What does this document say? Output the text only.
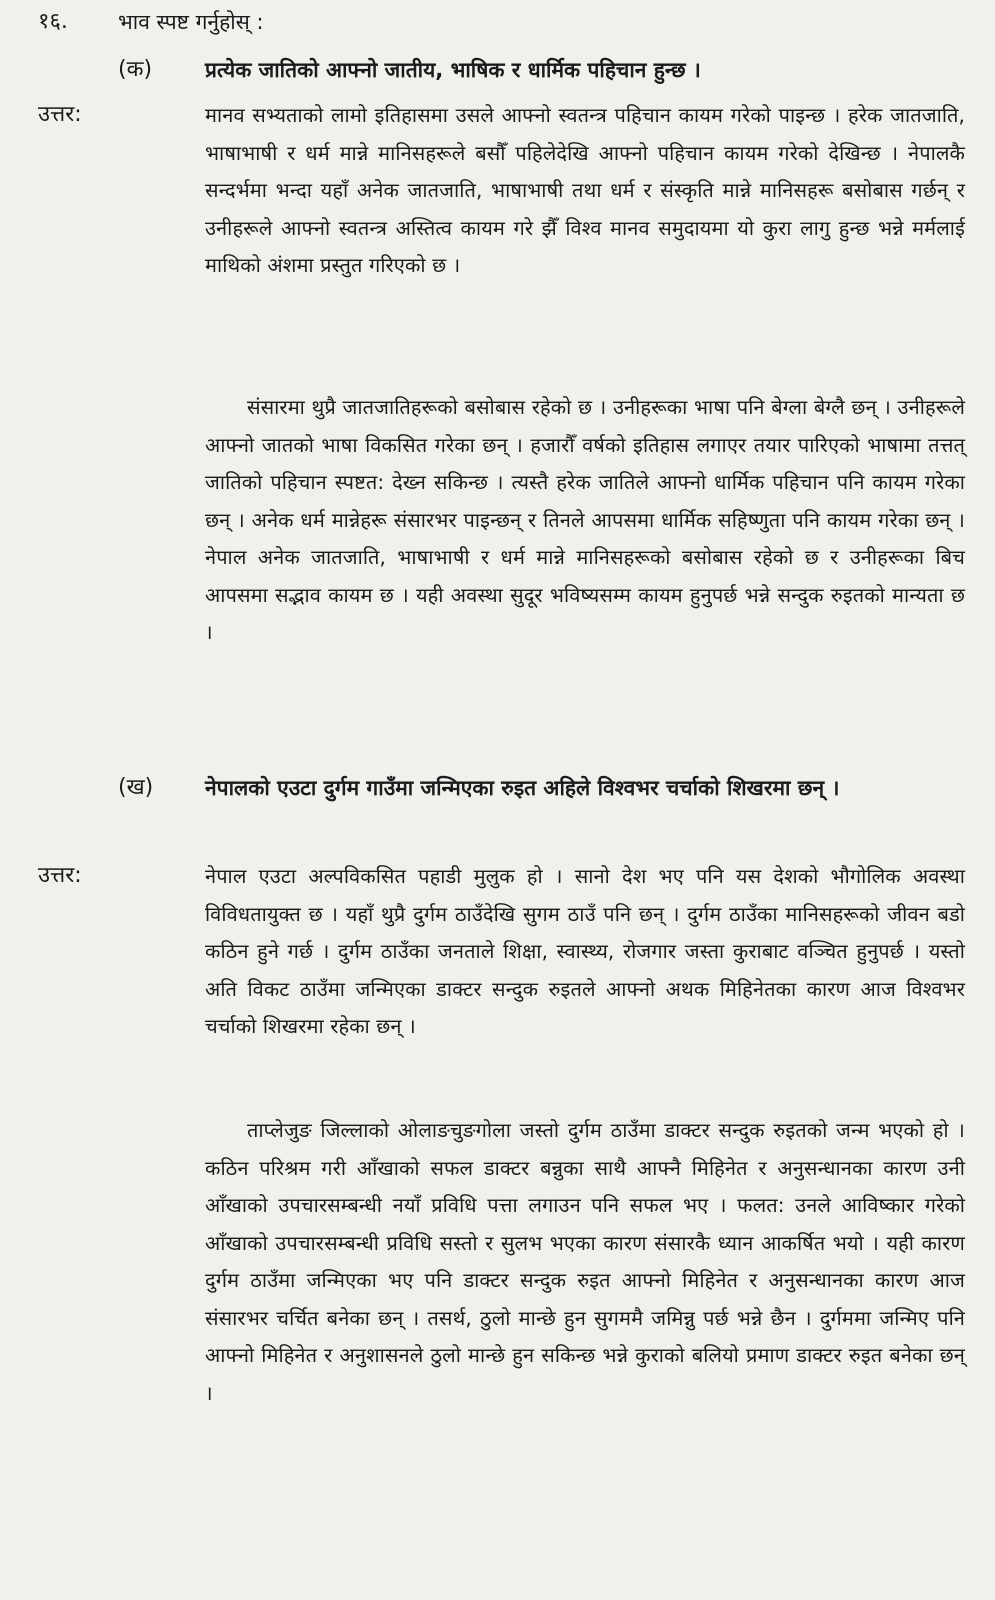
१६. भाव स्पष्ट गर्नुहोस् :
(क)	प्रत्येक जातिको आफ्नो जातीय, भाषिक र धार्मिक पहिचान हुन्छ ।
उत्तर:	मानव सभ्यताको लामो इतिहासमा उसले आफ्नो स्वतन्त्र पहिचान कायम गरेको पाइन्छ । हरेक जातजाति, भाषाभाषी र धर्म मान्ने मानिसहरूले बसौँ पहिलेदेखि आफ्नो पहिचान कायम गरेको देखिन्छ । नेपालकै सन्दर्भमा भन्दा यहाँ अनेक जातजाति, भाषाभाषी तथा धर्म र संस्कृति मान्ने मानिसहरू बसोबास गर्छन् र उनीहरूले आफ्नो स्वतन्त्र अस्तित्व कायम गरे झैँ विश्व मानव समुदायमा यो कुरा लागु हुन्छ भन्ने मर्मलाई माथिको अंशमा प्रस्तुत गरिएको छ ।

संसारमा थुप्रै जातजातिहरूको बसोबास रहेको छ । उनीहरूका भाषा पनि बेग्ला बेग्लै छन् । उनीहरूले आफ्नो जातको भाषा विकसित गरेका छन् । हजारौँ वर्षको इतिहास लगाएर तयार पारिएको भाषामा तत्तत् जातिको पहिचान स्पष्टत: देख्न सकिन्छ । त्यस्तै हरेक जातिले आफ्नो धार्मिक पहिचान पनि कायम गरेका छन् । अनेक धर्म मान्नेहरू संसारभर पाइन्छन् र तिनले आपसमा धार्मिक सहिष्णुता पनि कायम गरेका छन् । नेपाल अनेक जातजाति, भाषाभाषी र धर्म मान्ने मानिसहरूको बसोबास रहेको छ र उनीहरूका बिच आपसमा सद्भाव कायम छ । यही अवस्था सुदूर भविष्यसम्म कायम हुनुपर्छ भन्ने सन्दुक रुइतको मान्यता छ ।

(ख) नेपालको एउटा दुर्गम गाउँमा जन्मिएका रुइत अहिले विश्वभर चर्चाको शिखरमा छन् ।
उत्तर:	नेपाल एउटा अल्पविकसित पहाडी मुलुक हो । सानो देश भए पनि यस देशको भौगोलिक अवस्था विविधतायुक्त छ । यहाँ थुप्रै दुर्गम ठाउँदेखि सुगम ठाउँ पनि छन् । दुर्गम ठाउँका मानिसहरूको जीवन बडो कठिन हुने गर्छ । दुर्गम ठाउँका जनताले शिक्षा, स्वास्थ्य, रोजगार जस्ता कुराबाट वञ्चित हुनुपर्छ । यस्तो अति विकट ठाउँमा जन्मिएका डाक्टर सन्दुक रुइतले आफ्नो अथक मिहिनेतका कारण आज विश्वभर चर्चाको शिखरमा रहेका छन् ।

ताप्लेजुङ जिल्लाको ओलाङचुङगोला जस्तो दुर्गम ठाउँमा डाक्टर सन्दुक रुइतको जन्म भएको हो । कठिन परिश्रम गरी आँखाको सफल डाक्टर बन्नुका साथै आफ्नै मिहिनेत र अनुसन्धानका कारण उनी आँखाको उपचारसम्बन्धी नयाँ प्रविधि पत्ता लगाउन पनि सफल भए । फलत: उनले आविष्कार गरेको आँखाको उपचारसम्बन्धी प्रविधि सस्तो र सुलभ भएका कारण संसारकै ध्यान आकर्षित भयो । यही कारण दुर्गम ठाउँमा जन्मिएका भए पनि डाक्टर सन्दुक रुइत आफ्नो मिहिनेत र अनुसन्धानका कारण आज संसारभर चर्चित बनेका छन् । तसर्थ, ठुलो मान्छे हुन सुगममै जमिन्नु पर्छ भन्ने छैन । दुर्गममा जन्मिए पनि आफ्नो मिहिनेत र अनुशासनले ठुलो मान्छे हुन सकिन्छ भन्ने कुराको बलियो प्रमाण डाक्टर रुइत बनेका छन् ।
